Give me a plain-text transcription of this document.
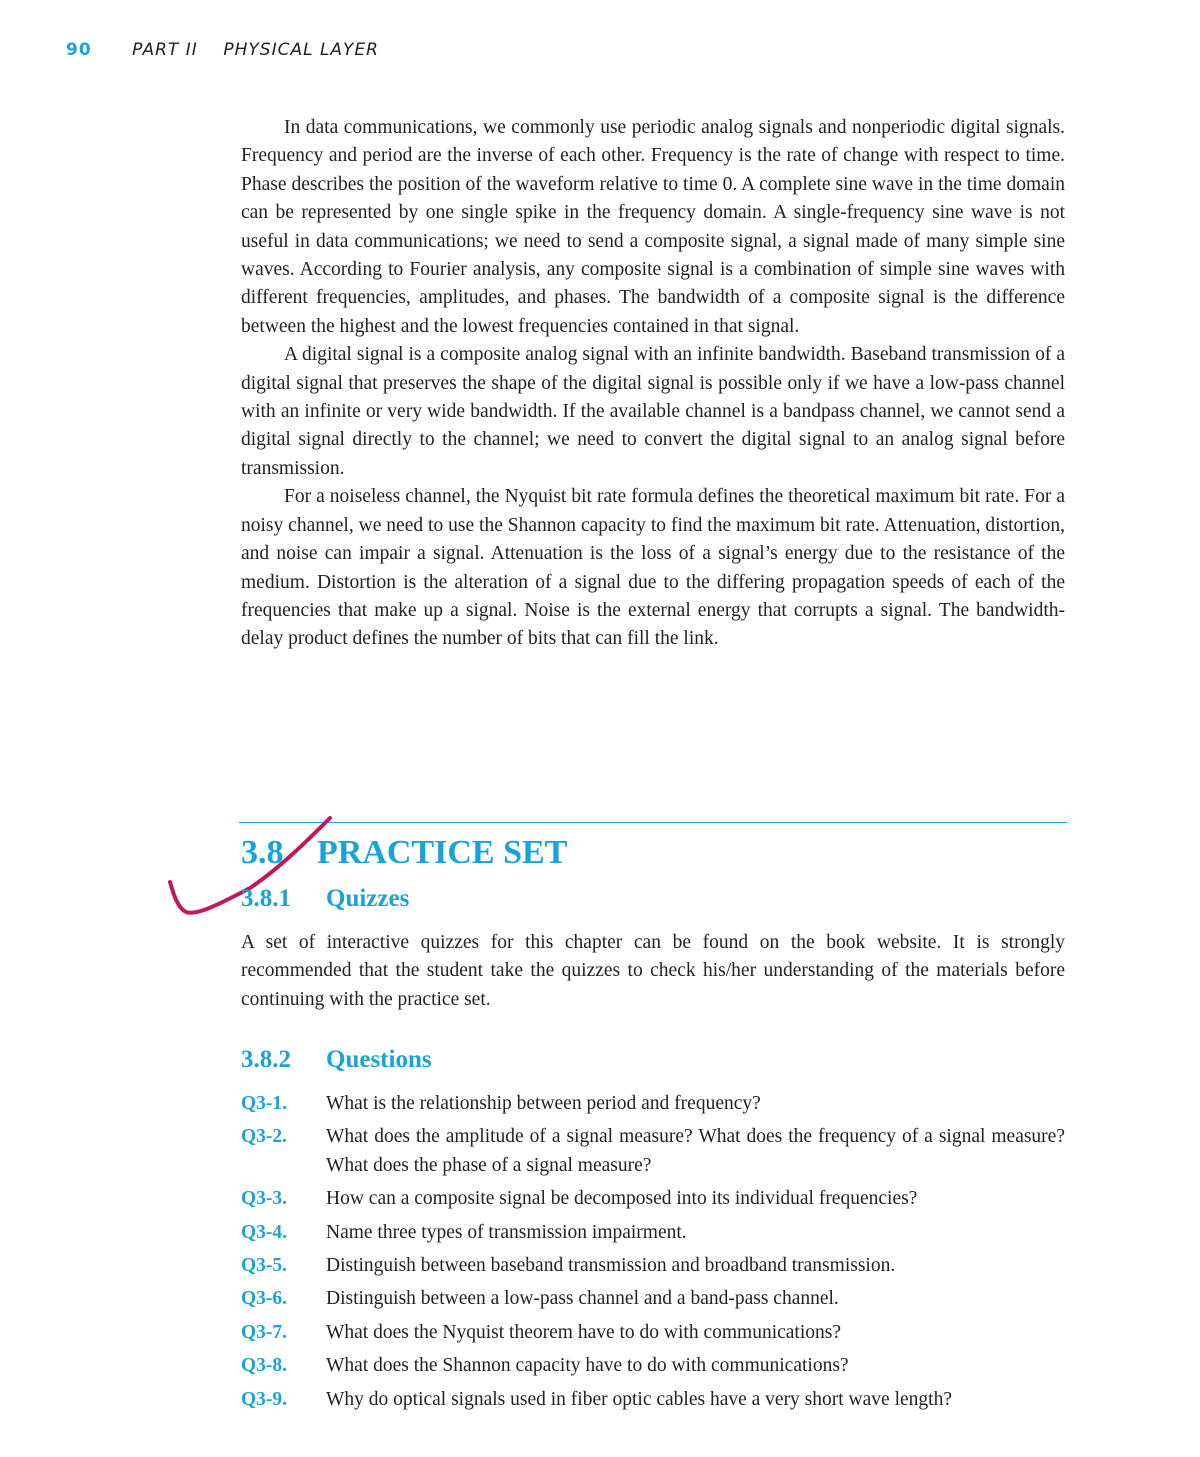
90 PART II    PHYSICAL LAYER

In data communications, we commonly use periodic analog signals and nonperiodic digital signals. Frequency and period are the inverse of each other. Frequency is the rate of change with respect to time. Phase describes the position of the waveform relative to time 0. A complete sine wave in the time domain can be represented by one single spike in the frequency domain. A single-frequency sine wave is not useful in data communications; we need to send a composite signal, a signal made of many simple sine waves. According to Fourier analysis, any composite signal is a combination of simple sine waves with different frequencies, amplitudes, and phases. The bandwidth of a composite signal is the difference between the highest and the lowest frequencies contained in that signal.

A digital signal is a composite analog signal with an infinite bandwidth. Baseband transmission of a digital signal that preserves the shape of the digital signal is possible only if we have a low-pass channel with an infinite or very wide bandwidth. If the available channel is a bandpass channel, we cannot send a digital signal directly to the channel; we need to convert the digital signal to an analog signal before transmission.

For a noiseless channel, the Nyquist bit rate formula defines the theoretical maximum bit rate. For a noisy channel, we need to use the Shannon capacity to find the maximum bit rate. Attenuation, distortion, and noise can impair a signal. Attenuation is the loss of a signal’s energy due to the resistance of the medium. Distortion is the alteration of a signal due to the differing propagation speeds of each of the frequencies that make up a signal. Noise is the external energy that corrupts a signal. The bandwidth-delay product defines the number of bits that can fill the link.

3.8 PRACTICE SET
3.8.1 Quizzes

A set of interactive quizzes for this chapter can be found on the book website. It is strongly recommended that the student take the quizzes to check his/her understanding of the materials before continuing with the practice set.

3.8.2 Questions
Q3-1. What is the relationship between period and frequency?
Q3-2. What does the amplitude of a signal measure? What does the frequency of a signal measure? What does the phase of a signal measure?
Q3-3. How can a composite signal be decomposed into its individual frequencies?
Q3-4. Name three types of transmission impairment.
Q3-5. Distinguish between baseband transmission and broadband transmission.
Q3-6. Distinguish between a low-pass channel and a band-pass channel.
Q3-7. What does the Nyquist theorem have to do with communications?
Q3-8. What does the Shannon capacity have to do with communications?
Q3-9. Why do optical signals used in fiber optic cables have a very short wave length?
